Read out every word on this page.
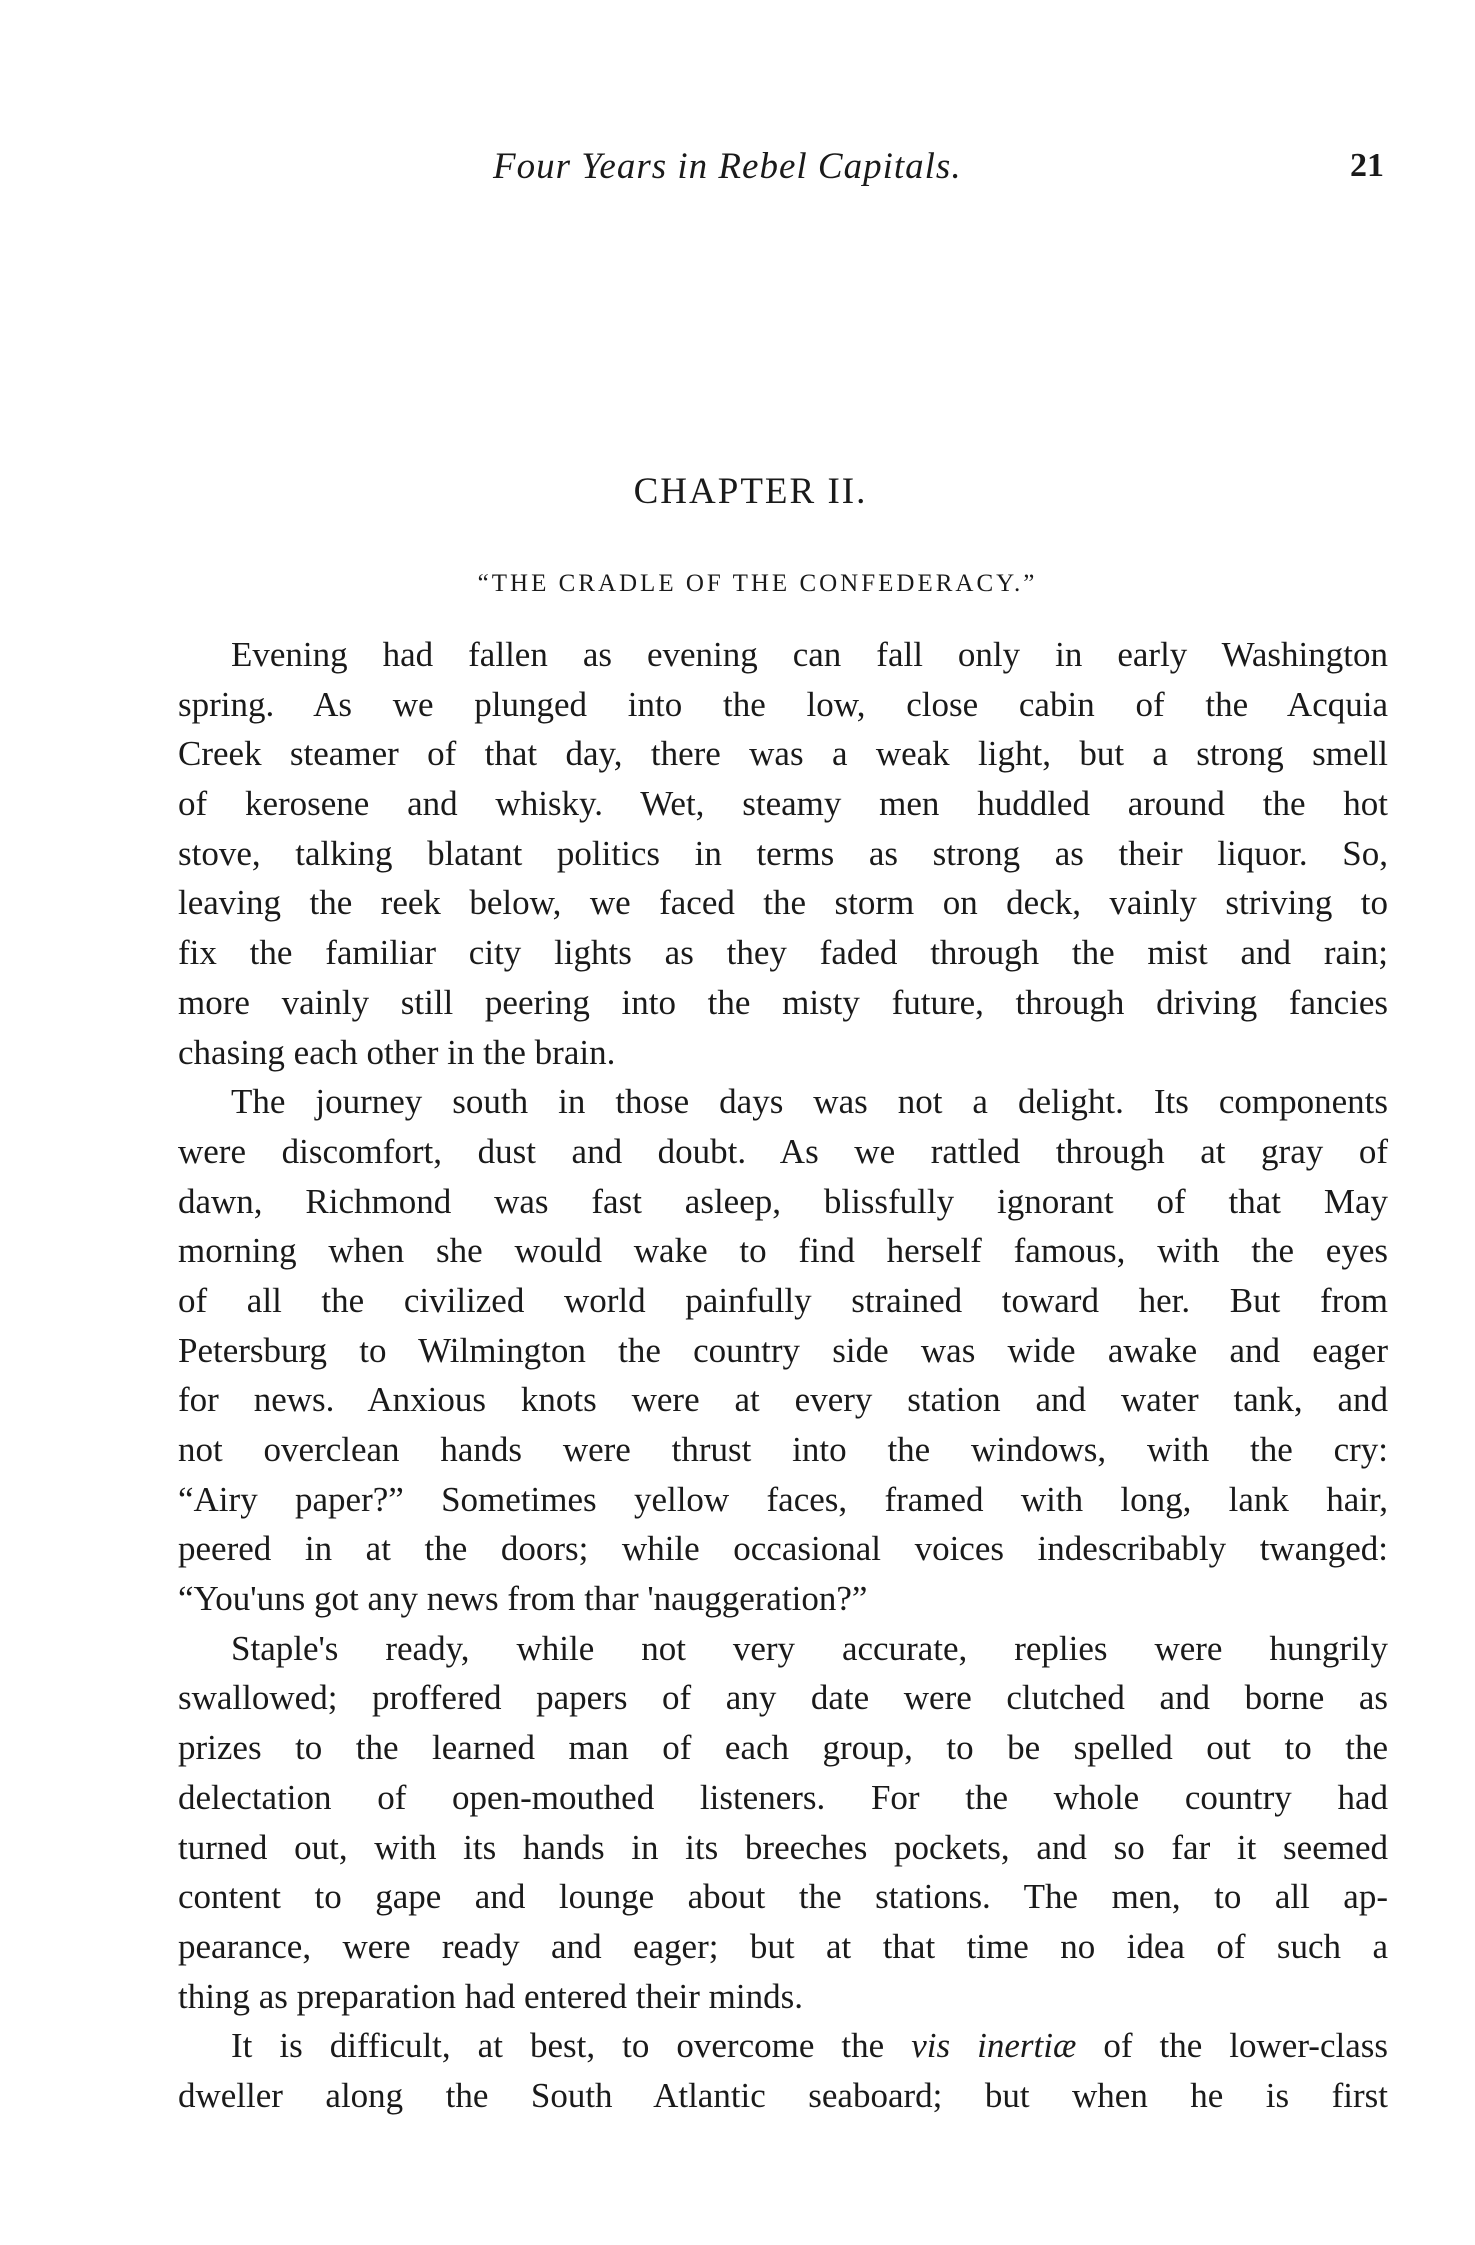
Four Years in Rebel Capitals.	21
CHAPTER II.
“THE CRADLE OF THE CONFEDERACY.”
Evening had fallen as evening can fall only in early Washington
spring. As we plunged into the low, close cabin of the Acquia
Creek steamer of that day, there was a weak light, but a strong smell
of kerosene and whisky. Wet, steamy men huddled around the hot
stove, talking blatant politics in terms as strong as their liquor. So,
leaving the reek below, we faced the storm on deck, vainly striving to
fix the familiar city lights as they faded through the mist and rain;
more vainly still peering into the misty future, through driving fancies
chasing each other in the brain.
The journey south in those days was not a delight. Its components
were discomfort, dust and doubt. As we rattled through at gray of
dawn, Richmond was fast asleep, blissfully ignorant of that May
morning when she would wake to find herself famous, with the eyes
of all the civilized world painfully strained toward her. But from
Petersburg to Wilmington the country side was wide awake and eager
for news. Anxious knots were at every station and water tank, and
not overclean hands were thrust into the windows, with the cry:
“Airy paper?” Sometimes yellow faces, framed with long, lank hair,
peered in at the doors; while occasional voices indescribably twanged:
“You'uns got any news from thar 'nauggeration?”
Staple's ready, while not very accurate, replies were hungrily
swallowed; proffered papers of any date were clutched and borne as
prizes to the learned man of each group, to be spelled out to the
delectation of open-mouthed listeners. For the whole country had
turned out, with its hands in its breeches pockets, and so far it seemed
content to gape and lounge about the stations. The men, to all ap-
pearance, were ready and eager; but at that time no idea of such a
thing as preparation had entered their minds.
It is difficult, at best, to overcome the vis inertiæ of the lower-class
dweller along the South Atlantic seaboard; but when he is first
